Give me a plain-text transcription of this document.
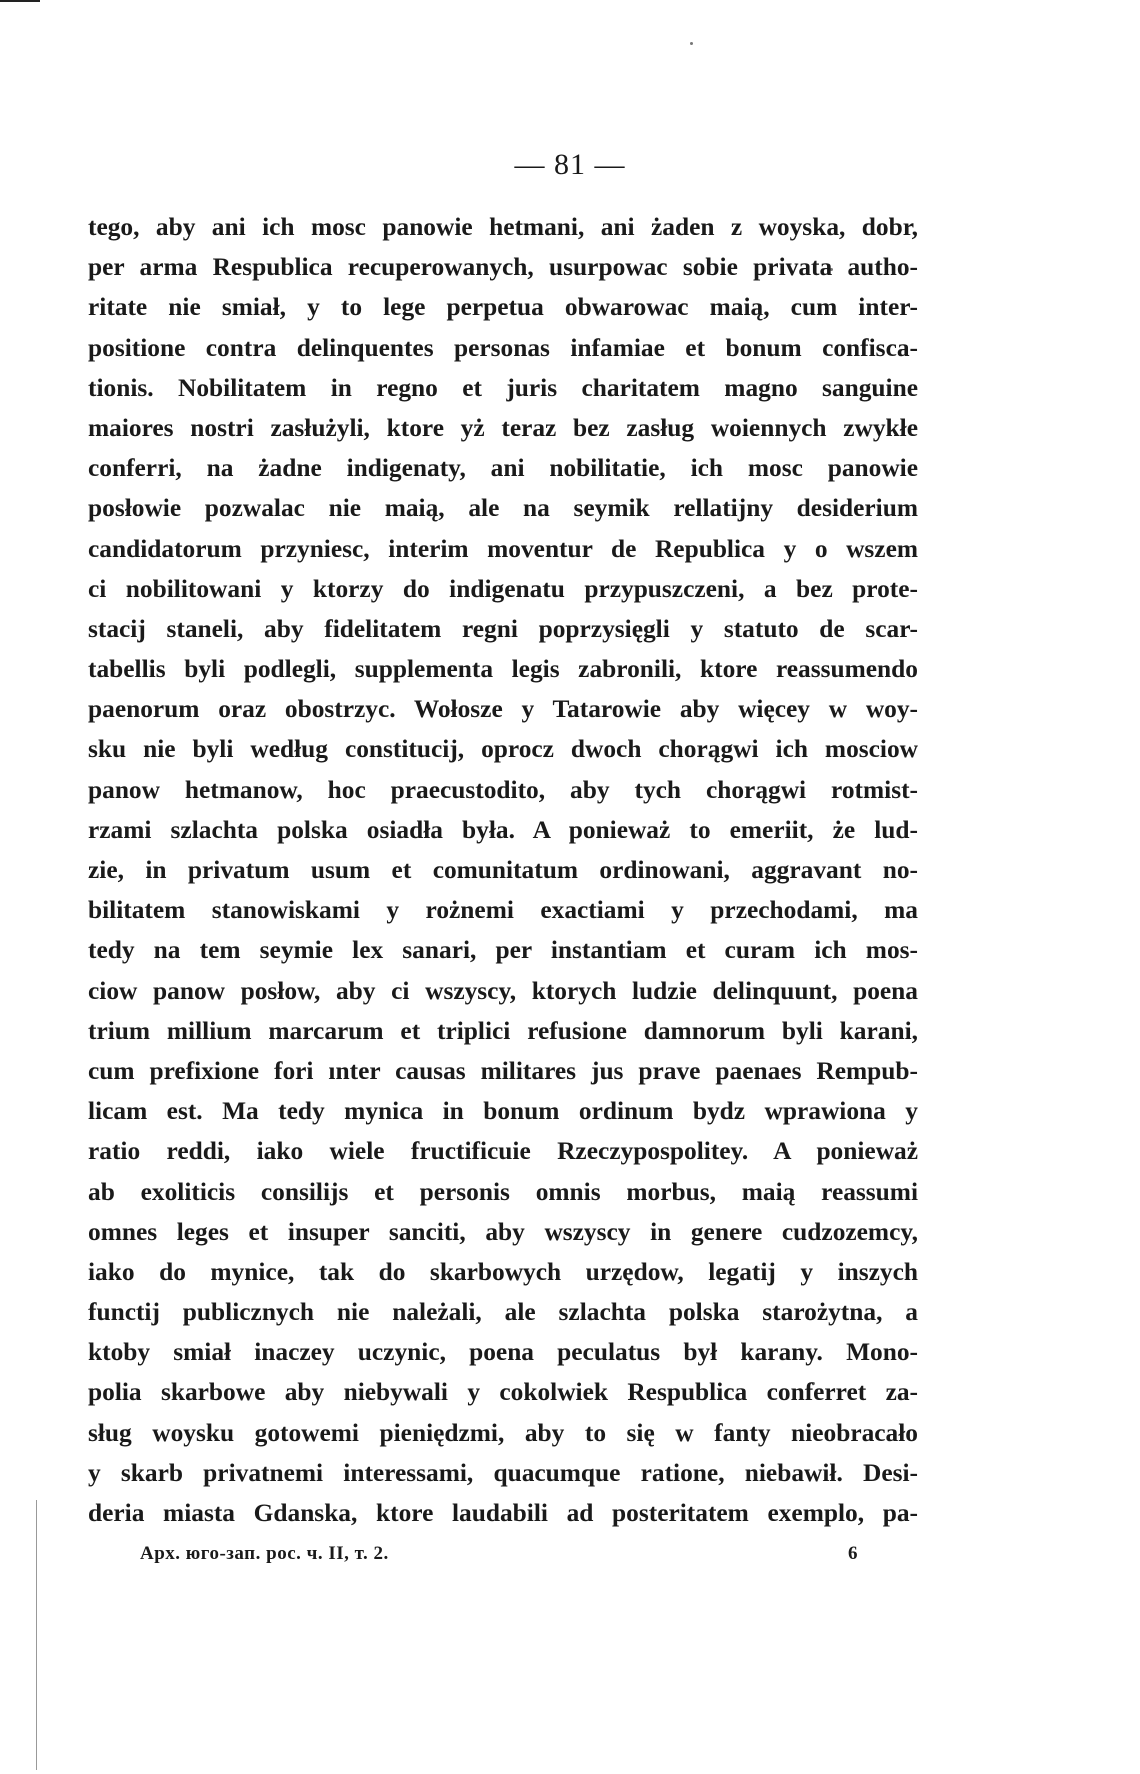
— 81 —
tego, aby ani ich mosc panowie hetmani, ani żaden z woyska, dobr,
per arma Respublica recuperowanych, usurpowac sobie privata autho-
ritate nie smiał, y to lege perpetua obwarowac maią, cum inter-
positione contra delinquentes personas infamiae et bonum confisca-
tionis. Nobilitatem in regno et juris charitatem magno sanguine
maiores nostri zasłużyli, ktore yż teraz bez zasług woiennych zwykłe
conferri, na żadne indigenaty, ani nobilitatie, ich mosc panowie
posłowie pozwalac nie maią, ale na seymik rellatijny desiderium
candidatorum przyniesc, interim moventur de Republica y o wszem
ci nobilitowani y ktorzy do indigenatu przypuszczeni, a bez prote-
stacij staneli, aby fidelitatem regni poprzysięgli y statuto de scar-
tabellis byli podlegli, supplementa legis zabronili, ktore reassumendo
paenorum oraz obostrzyc. Wołosze y Tatarowie aby więcey w woy-
sku nie byli według constitucij, oprocz dwoch chorągwi ich mosciow
panow hetmanow, hoc praecustodito, aby tych chorągwi rotmist-
rzami szlachta polska osiadła była. A ponieważ to emeriit, że lud-
zie, in privatum usum et comunitatum ordinowani, aggravant no-
bilitatem stanowiskami y rożnemi exactiami y przechodami, ma
tedy na tem seymie lex sanari, per instantiam et curam ich mos-
ciow panow posłow, aby ci wszyscy, ktorych ludzie delinquunt, poena
trium millium marcarum et triplici refusione damnorum byli karani,
cum prefixione fori ınter causas militares jus prave paenaes Rempub-
licam est. Ma tedy mynica in bonum ordinum bydz wprawiona y
ratio reddi, iako wiele fructificuie Rzeczypospolitey. A ponieważ
ab exoliticis consilijs et personis omnis morbus, maią reassumi
omnes leges et insuper sanciti, aby wszyscy in genere cudzozemcy,
iako do mynice, tak do skarbowych urzędow, legatij y inszych
functij publicznych nie należali, ale szlachta polska starożytna, a
ktoby smiał inaczey uczynic, poena peculatus był karany. Mono-
polia skarbowe aby niebywali y cokolwiek Respublica conferret za-
sług woysku gotowemi pieniędzmi, aby to się w fanty nieobracało
y skarb privatnemi interessami, quacumque ratione, niebawił. Desi-
deria miasta Gdanska, ktore laudabili ad posteritatem exemplo, pa-
Арх. юго-зап. рос. ч. II, т. 2.	6
